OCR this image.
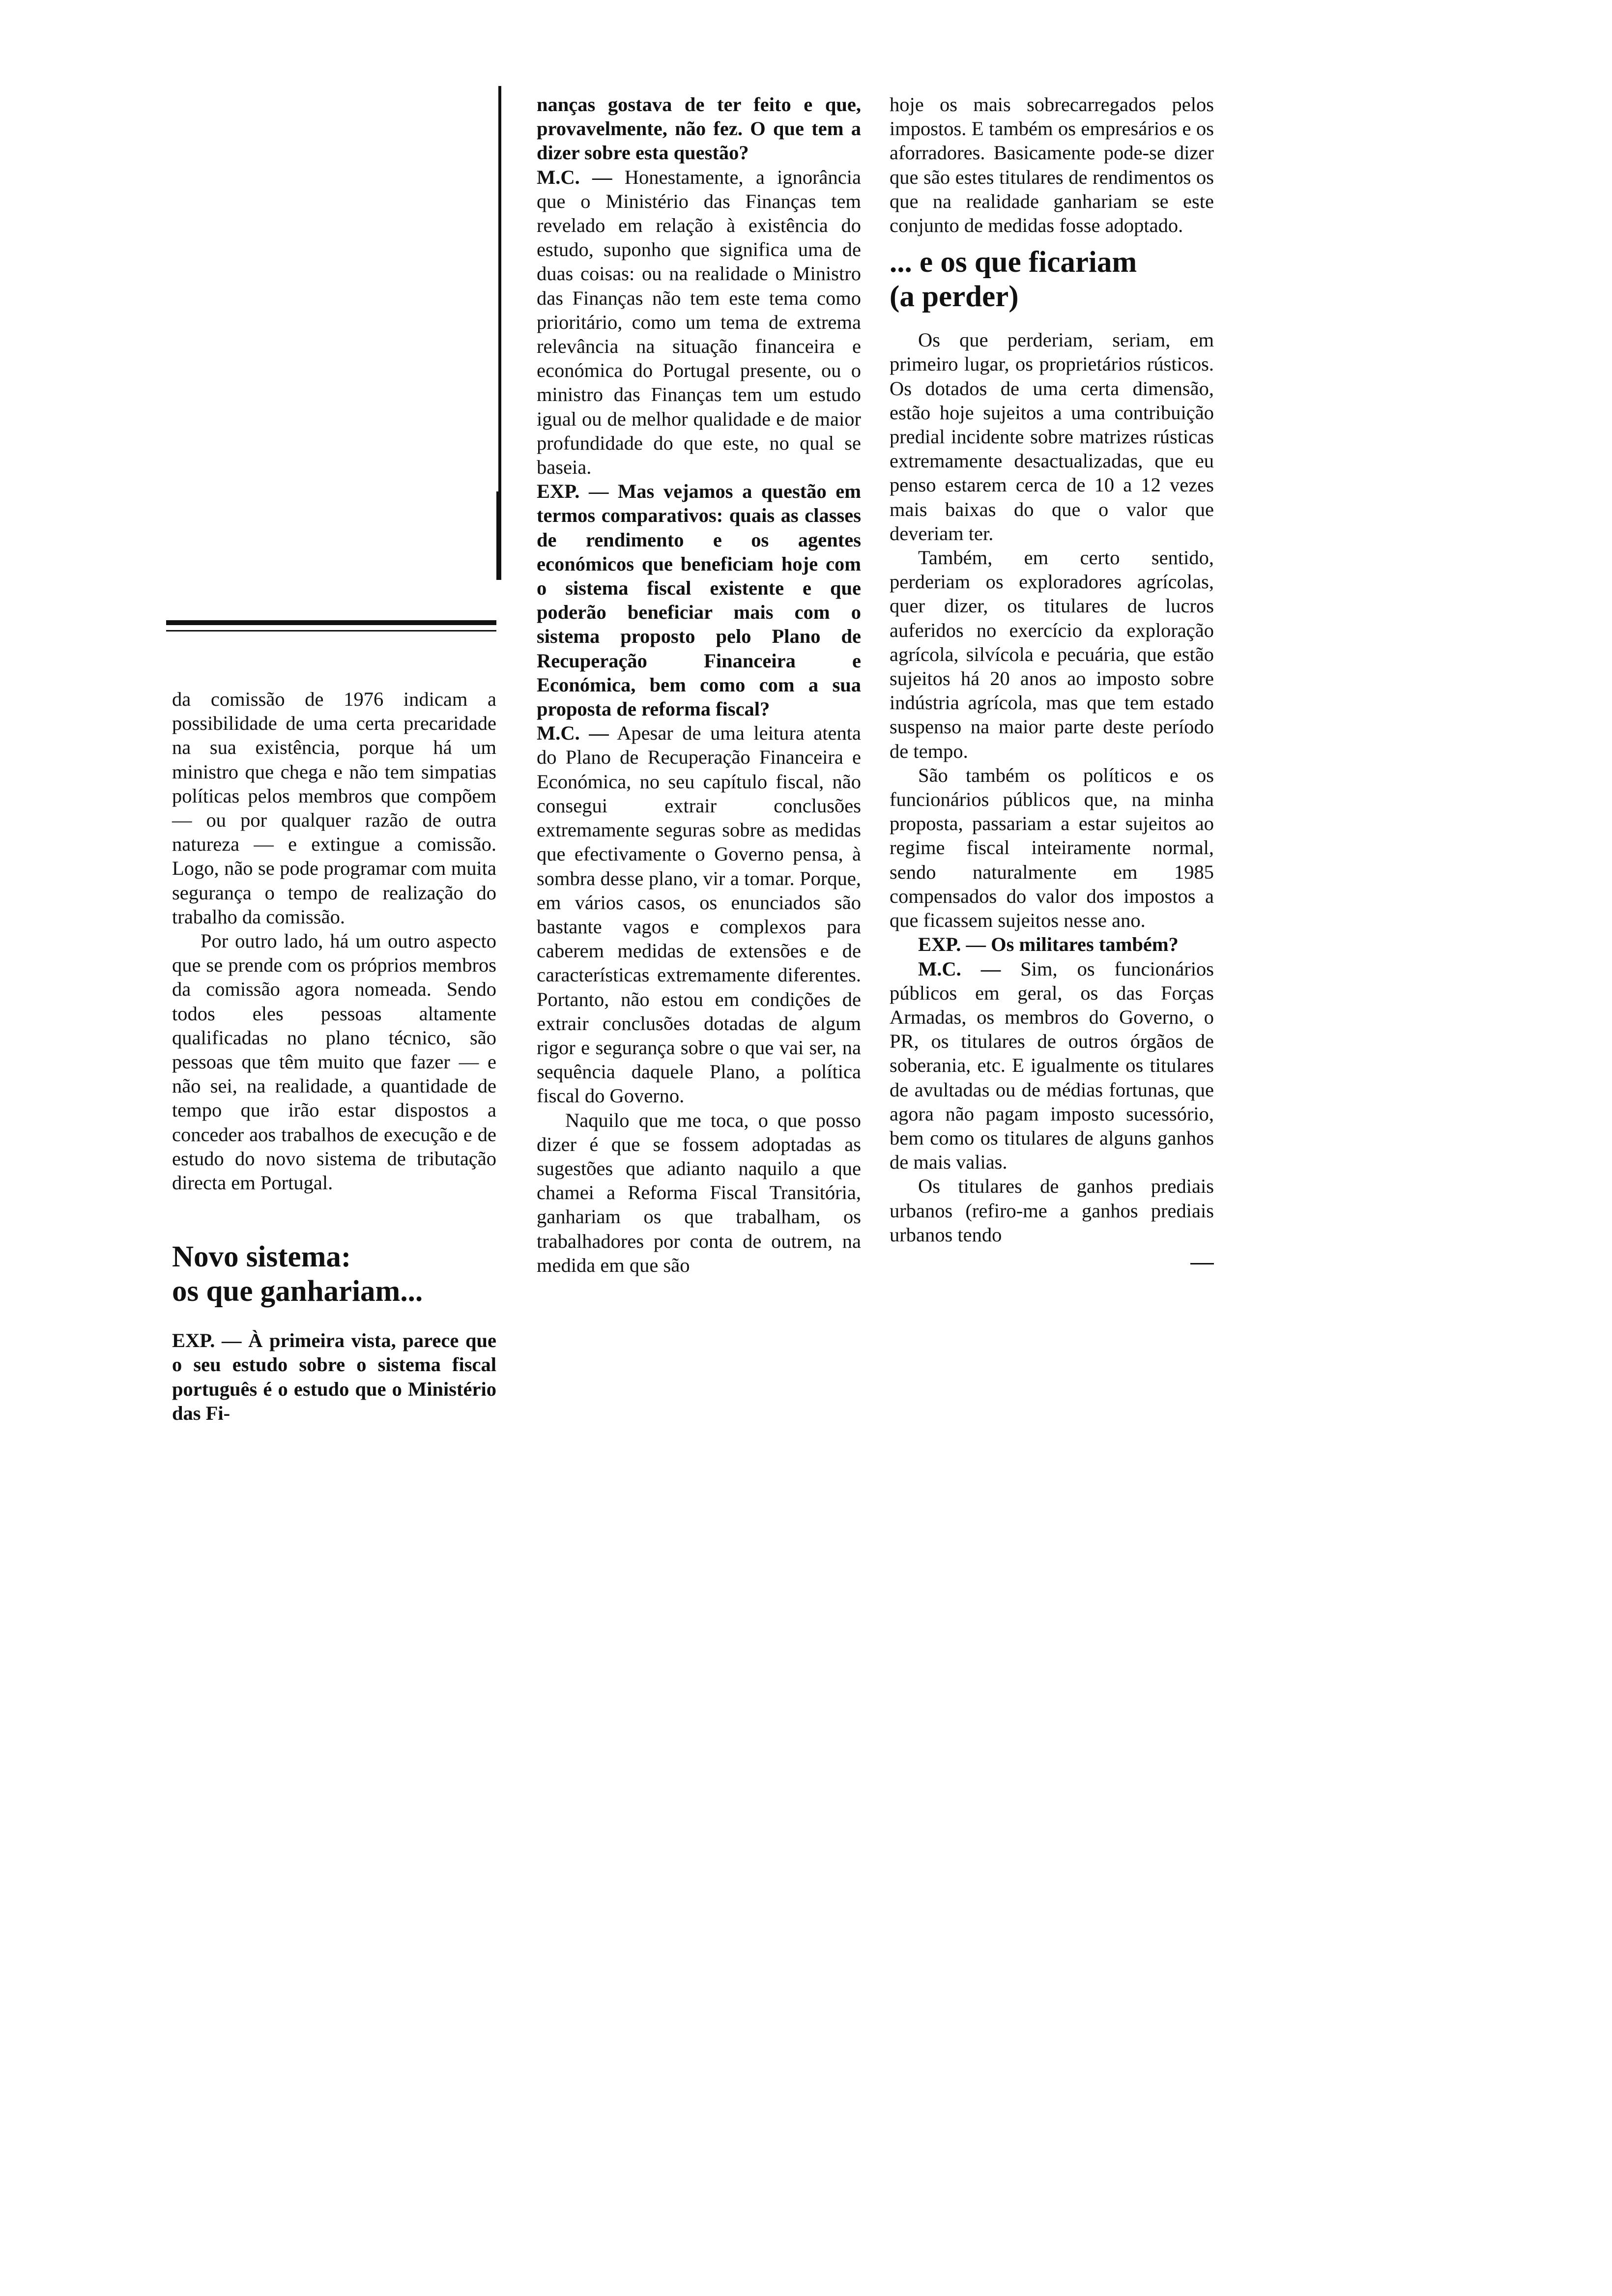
da comissão de 1976 indicam a possibilidade de uma certa precaridade na sua existência, porque há um ministro que chega e não tem simpatias políticas pelos membros que compõem — ou por qualquer razão de outra natureza — e extingue a comissão. Logo, não se pode programar com muita segurança o tempo de realização do trabalho da comissão.

Por outro lado, há um outro aspecto que se prende com os próprios membros da comissão agora nomeada. Sendo todos eles pessoas altamente qualificadas no plano técnico, são pessoas que têm muito que fazer — e não sei, na realidade, a quantidade de tempo que irão estar dispostos a conceder aos trabalhos de execução e de estudo do novo sistema de tributação directa em Portugal.

Novo sistema:
os que ganhariam...

EXP. — À primeira vista, parece que o seu estudo sobre o sistema fiscal português é o estudo que o Ministério das Fi-

nanças gostava de ter feito e que, provavelmente, não fez. O que tem a dizer sobre esta questão?

M.C. — Honestamente, a ignorância que o Ministério das Finanças tem revelado em relação à existência do estudo, suponho que significa uma de duas coisas: ou na realidade o Ministro das Finanças não tem este tema como prioritário, como um tema de extrema relevância na situação financeira e económica do Portugal presente, ou o ministro das Finanças tem um estudo igual ou de melhor qualidade e de maior profundidade do que este, no qual se baseia.

EXP. — Mas vejamos a questão em termos comparativos: quais as classes de rendimento e os agentes económicos que beneficiam hoje com o sistema fiscal existente e que poderão beneficiar mais com o sistema proposto pelo Plano de Recuperação Financeira e Económica, bem como com a sua proposta de reforma fiscal?

M.C. — Apesar de uma leitura atenta do Plano de Recuperação Financeira e Económica, no seu capítulo fiscal, não consegui extrair conclusões extremamente seguras sobre as medidas que efectivamente o Governo pensa, à sombra desse plano, vir a tomar. Porque, em vários casos, os enunciados são bastante vagos e complexos para caberem medidas de extensões e de características extremamente diferentes. Portanto, não estou em condições de extrair conclusões dotadas de algum rigor e segurança sobre o que vai ser, na sequência daquele Plano, a política fiscal do Governo.

Naquilo que me toca, o que posso dizer é que se fossem adoptadas as sugestões que adianto naquilo a que chamei a Reforma Fiscal Transitória, ganhariam os que trabalham, os trabalhadores por conta de outrem, na medida em que são

hoje os mais sobrecarregados pelos impostos. E também os empresários e os aforradores. Basicamente pode-se dizer que são estes titulares de rendimentos os que na realidade ganhariam se este conjunto de medidas fosse adoptado.

... e os que ficariam
(a perder)

Os que perderiam, seriam, em primeiro lugar, os proprietários rústicos. Os dotados de uma certa dimensão, estão hoje sujeitos a uma contribuição predial incidente sobre matrizes rústicas extremamente desactualizadas, que eu penso estarem cerca de 10 a 12 vezes mais baixas do que o valor que deveriam ter.

Também, em certo sentido, perderiam os exploradores agrícolas, quer dizer, os titulares de lucros auferidos no exercício da exploração agrícola, silvícola e pecuária, que estão sujeitos há 20 anos ao imposto sobre indústria agrícola, mas que tem estado suspenso na maior parte deste período de tempo.

São também os políticos e os funcionários públicos que, na minha proposta, passariam a estar sujeitos ao regime fiscal inteiramente normal, sendo naturalmente em 1985 compensados do valor dos impostos a que ficassem sujeitos nesse ano.

EXP. — Os militares também?

M.C. — Sim, os funcionários públicos em geral, os das Forças Armadas, os membros do Governo, o PR, os titulares de outros órgãos de soberania, etc. E igualmente os titulares de avultadas ou de médias fortunas, que agora não pagam imposto sucessório, bem como os titulares de alguns ganhos de mais valias.

Os titulares de ganhos prediais urbanos (refiro-me a ganhos prediais urbanos tendo
